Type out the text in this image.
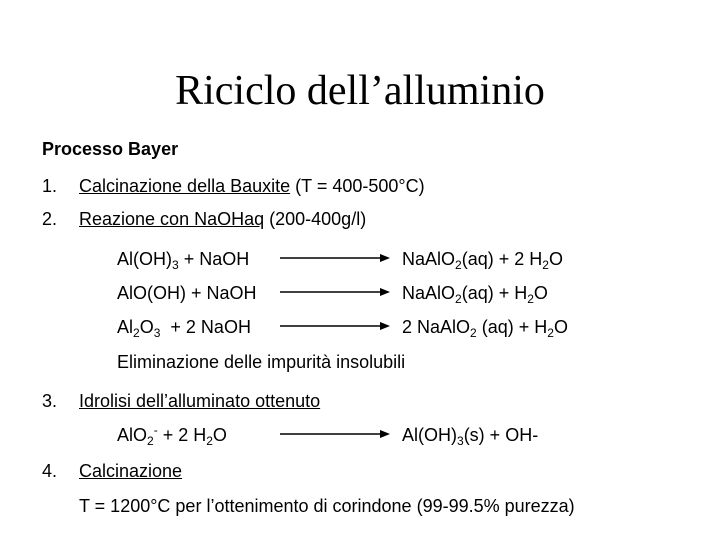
Riciclo dell’alluminio
Processo Bayer
1. Calcinazione della Bauxite (T = 400-500°C)
2. Reazione con NaOHaq (200-400g/l)
$Al(OH)_3$ + NaOH	NaAlO$_2$(aq) + 2 $H_2O$
AlO(OH) + NaOH	NaAlO$_2$(aq) + $H_2O$
$Al_2O_3 + 2$ NaOH	2 NaAlO$_2$ $(aq) + H_2O$
Eliminazione delle impurità insolubili
3. Idrolisi dell’alluminato ottenuto
AlO$_2$- + 2 $H_2O$	$Al(OH)_3(s) + OH-$
4. Calcinazione
T = 1200°C per l’ottenimento di corindone (99-99.5% purezza)
